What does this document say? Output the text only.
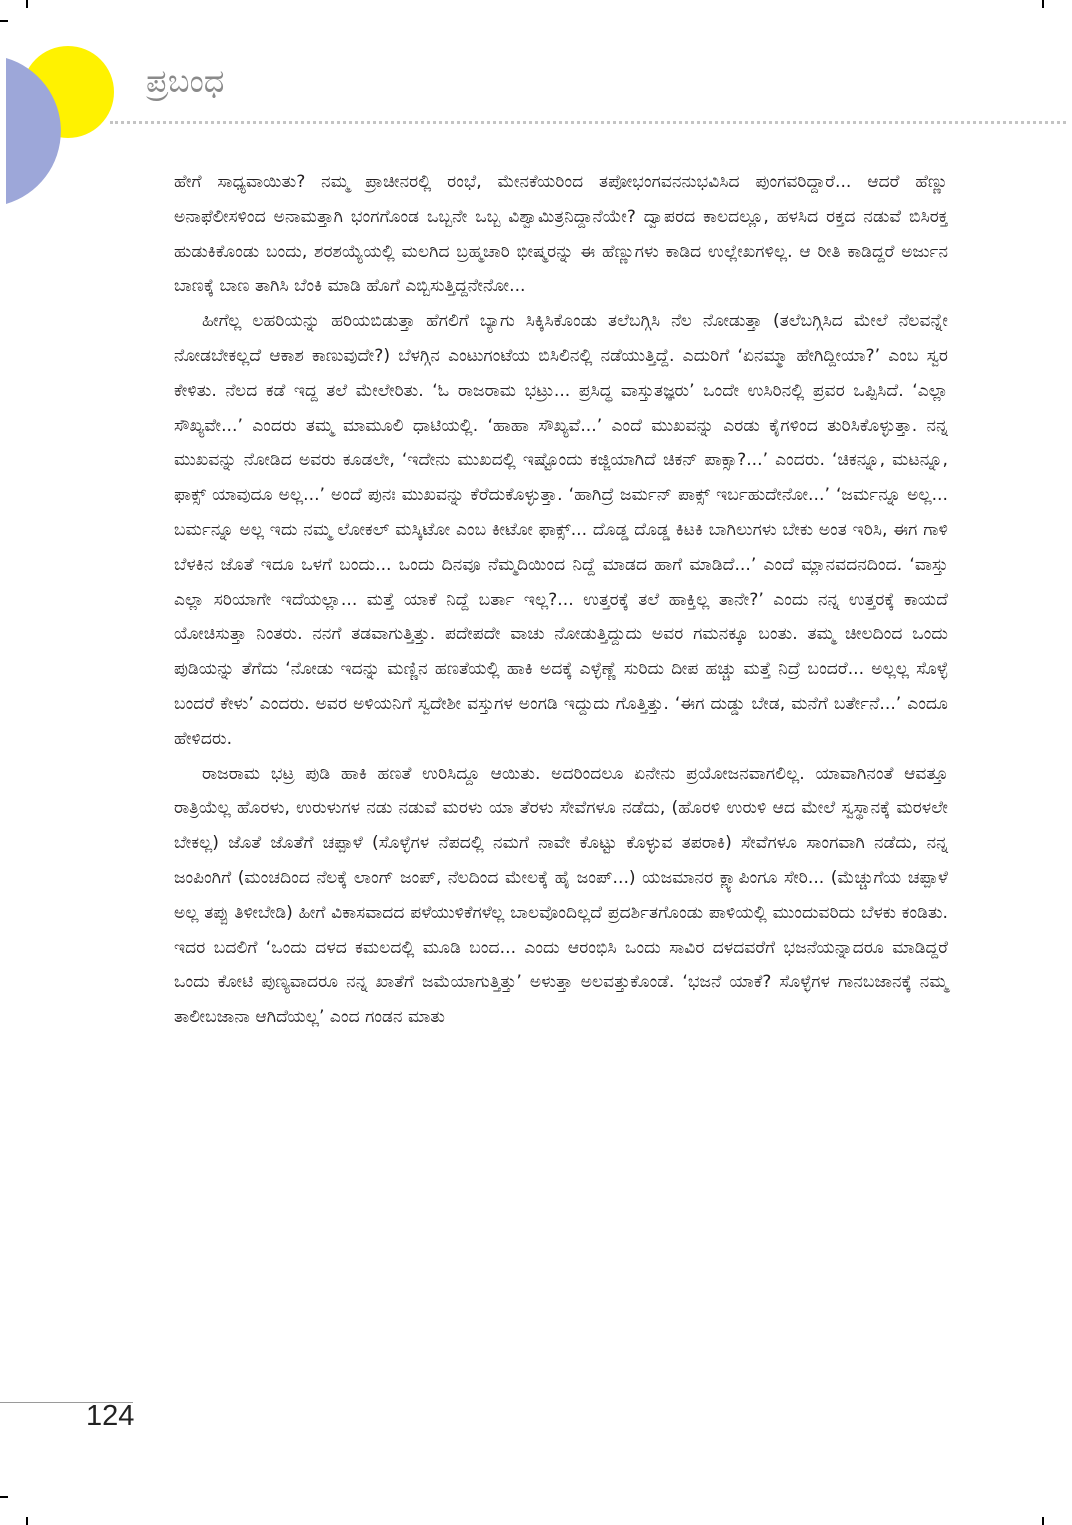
ಪ್ರಬಂಧ

ಹೇಗೆ ಸಾಧ್ಯವಾಯಿತು? ನಮ್ಮ ಪ್ರಾಚೀನರಲ್ಲಿ ರಂಭೆ, ಮೇನಕೆಯರಿಂದ ತಪೋಭಂಗವನನುಭವಿಸಿದ ಪುಂಗವರಿದ್ದಾರೆ... ಆದರೆ ಹೆಣ್ಣು ಅನಾಫೆಲೀಸಳಿಂದ ಅನಾಮತ್ತಾಗಿ ಭಂಗಗೊಂಡ ಒಬ್ಬನೇ ಒಬ್ಬ ವಿಶ್ವಾಮಿತ್ರನಿದ್ದಾನೆಯೇ? ದ್ವಾಪರದ ಕಾಲದಲ್ಲೂ, ಹಳಸಿದ ರಕ್ತದ ನಡುವೆ ಬಿಸಿರಕ್ತ ಹುಡುಕಿಕೊಂಡು ಬಂದು, ಶರಶಯ್ಯೆಯಲ್ಲಿ ಮಲಗಿದ ಬ್ರಹ್ಮಚಾರಿ ಭೀಷ್ಮರನ್ನು ಈ ಹೆಣ್ಣುಗಳು ಕಾಡಿದ ಉಲ್ಲೇಖಗಳಿಲ್ಲ. ಆ ರೀತಿ ಕಾಡಿದ್ದರೆ ಅರ್ಜುನ ಬಾಣಕ್ಕೆ ಬಾಣ ತಾಗಿಸಿ ಬೆಂಕಿ ಮಾಡಿ ಹೊಗೆ ಎಬ್ಬಿಸುತ್ತಿದ್ದನೇನೋ...

ಹೀಗೆಲ್ಲ ಲಹರಿಯನ್ನು ಹರಿಯಬಿಡುತ್ತಾ ಹೆಗಲಿಗೆ ಬ್ಯಾಗು ಸಿಕ್ಕಿಸಿಕೊಂಡು ತಲೆಬಗ್ಗಿಸಿ ನೆಲ ನೋಡುತ್ತಾ (ತಲೆಬಗ್ಗಿಸಿದ ಮೇಲೆ ನೆಲವನ್ನೇ ನೋಡಬೇಕಲ್ಲದೆ ಆಕಾಶ ಕಾಣುವುದೇ?) ಬೆಳಗ್ಗಿನ ಎಂಟುಗಂಟೆಯ ಬಿಸಿಲಿನಲ್ಲಿ ನಡೆಯುತ್ತಿದ್ದೆ. ಎದುರಿಗೆ ‘ಏನಮ್ಮಾ ಹೇಗಿದ್ದೀಯಾ?’ ಎಂಬ ಸ್ವರ ಕೇಳಿತು. ನೆಲದ ಕಡೆ ಇದ್ದ ತಲೆ ಮೇಲೇರಿತು. ‘ಓ ರಾಜರಾಮ ಭಟ್ರು... ಪ್ರಸಿದ್ಧ ವಾಸ್ತುತಜ್ಞರು’ ಒಂದೇ ಉಸಿರಿನಲ್ಲಿ ಪ್ರವರ ಒಪ್ಪಿಸಿದೆ. ‘ಎಲ್ಲಾ ಸೌಖ್ಯವೇ...’ ಎಂದರು ತಮ್ಮ ಮಾಮೂಲಿ ಧಾಟಿಯಲ್ಲಿ. ‘ಹಾಹಾ ಸೌಖ್ಯವೆ...’ ಎಂದೆ ಮುಖವನ್ನು ಎರಡು ಕೈಗಳಿಂದ ತುರಿಸಿಕೊಳ್ಳುತ್ತಾ. ನನ್ನ ಮುಖವನ್ನು ನೋಡಿದ ಅವರು ಕೂಡಲೇ, ‘ಇದೇನು ಮುಖದಲ್ಲಿ ಇಷ್ಟೊಂದು ಕಜ್ಜಿಯಾಗಿದೆ ಚಿಕನ್ ಪಾಕ್ಸಾ?...’ ಎಂದರು. ‘ಚಿಕನ್ನೂ, ಮಟನ್ನೂ, ಫಾಕ್ಸ್ ಯಾವುದೂ ಅಲ್ಲ...’ ಅಂದೆ ಪುನಃ ಮುಖವನ್ನು ಕೆರೆದುಕೊಳ್ಳುತ್ತಾ. ‘ಹಾಗಿದ್ರೆ ಜರ್ಮನ್ ಪಾಕ್ಸ್ ಇರ್ಬಹುದೇನೋ...’ ‘ಜರ್ಮನ್ನೂ ಅಲ್ಲ... ಬರ್ಮನ್ನೂ ಅಲ್ಲ ಇದು ನಮ್ಮ ಲೋಕಲ್ ಮಸ್ಕಿಟೋ ಎಂಬ ಕೀಟೋ ಫಾಕ್ಸ್... ದೊಡ್ಡ ದೊಡ್ಡ ಕಿಟಕಿ ಬಾಗಿಲುಗಳು ಬೇಕು ಅಂತ ಇರಿಸಿ, ಈಗ ಗಾಳಿ ಬೆಳಕಿನ ಜೊತೆ ಇದೂ ಒಳಗೆ ಬಂದು... ಒಂದು ದಿನವೂ ನೆಮ್ಮದಿಯಿಂದ ನಿದ್ದೆ ಮಾಡದ ಹಾಗೆ ಮಾಡಿದೆ...’ ಎಂದೆ ಮ್ಲಾನವದನದಿಂದ. ‘ವಾಸ್ತು ಎಲ್ಲಾ ಸರಿಯಾಗೇ ಇದೆಯಲ್ಲಾ... ಮತ್ತೆ ಯಾಕೆ ನಿದ್ದೆ ಬರ್ತಾ ಇಲ್ಲ?... ಉತ್ತರಕ್ಕೆ ತಲೆ ಹಾಕ್ತಿಲ್ಲ ತಾನೇ?’ ಎಂದು ನನ್ನ ಉತ್ತರಕ್ಕೆ ಕಾಯದೆ ಯೋಚಿಸುತ್ತಾ ನಿಂತರು. ನನಗೆ ತಡವಾಗುತ್ತಿತ್ತು. ಪದೇಪದೇ ವಾಚು ನೋಡುತ್ತಿದ್ದುದು ಅವರ ಗಮನಕ್ಕೂ ಬಂತು. ತಮ್ಮ ಚೀಲದಿಂದ ಒಂದು ಪುಡಿಯನ್ನು ತೆಗೆದು ‘ನೋಡು ಇದನ್ನು ಮಣ್ಣಿನ ಹಣತೆಯಲ್ಲಿ ಹಾಕಿ ಅದಕ್ಕೆ ಎಳ್ಳೆಣ್ಣೆ ಸುರಿದು ದೀಪ ಹಚ್ಚು ಮತ್ತೆ ನಿದ್ರೆ ಬಂದರೆ... ಅಲ್ಲಲ್ಲ ಸೊಳ್ಳೆ ಬಂದರೆ ಕೇಳು’ ಎಂದರು. ಅವರ ಅಳಿಯನಿಗೆ ಸ್ವದೇಶೀ ವಸ್ತುಗಳ ಅಂಗಡಿ ಇದ್ದುದು ಗೊತ್ತಿತ್ತು. ‘ಈಗ ದುಡ್ಡು ಬೇಡ, ಮನೆಗೆ ಬರ್ತೇನೆ...’ ಎಂದೂ ಹೇಳಿದರು.

ರಾಜರಾಮ ಭಟ್ರ ಪುಡಿ ಹಾಕಿ ಹಣತೆ ಉರಿಸಿದ್ದೂ ಆಯಿತು. ಅದರಿಂದಲೂ ಏನೇನು ಪ್ರಯೋಜನವಾಗಲಿಲ್ಲ. ಯಾವಾಗಿನಂತೆ ಆವತ್ತೂ ರಾತ್ರಿಯೆಲ್ಲ ಹೊರಳು, ಉರುಳುಗಳ ನಡು ನಡುವೆ ಮರಳು ಯಾ ತೆರಳು ಸೇವೆಗಳೂ ನಡೆದು, (ಹೊರಳಿ ಉರುಳಿ ಆದ ಮೇಲೆ ಸ್ವಸ್ಥಾನಕ್ಕೆ ಮರಳಲೇ ಬೇಕಲ್ಲ) ಜೊತೆ ಜೊತೆಗೆ ಚಪ್ಪಾಳೆ (ಸೊಳ್ಳೆಗಳ ನೆಪದಲ್ಲಿ ನಮಗೆ ನಾವೇ ಕೊಟ್ಟು ಕೊಳ್ಳುವ ತಪರಾಕಿ) ಸೇವೆಗಳೂ ಸಾಂಗವಾಗಿ ನಡೆದು, ನನ್ನ ಜಂಪಿಂಗಿಗೆ (ಮಂಚದಿಂದ ನೆಲಕ್ಕೆ ಲಾಂಗ್ ಜಂಪ್, ನೆಲದಿಂದ ಮೇಲಕ್ಕೆ ಹೈ ಜಂಪ್...) ಯಜಮಾನರ ಕ್ಲ್ಯಾಪಿಂಗೂ ಸೇರಿ... (ಮೆಚ್ಚುಗೆಯ ಚಪ್ಪಾಳೆ ಅಲ್ಲ ತಪ್ಪು ತಿಳೀಬೇಡಿ) ಹೀಗೆ ವಿಕಾಸವಾದದ ಪಳೆಯುಳಿಕೆಗಳೆಲ್ಲ ಬಾಲವೊಂದಿಲ್ಲದೆ ಪ್ರದರ್ಶಿತಗೊಂಡು ಪಾಳಿಯಲ್ಲಿ ಮುಂದುವರಿದು ಬೆಳಕು ಕಂಡಿತು. ಇದರ ಬದಲಿಗೆ ‘ಒಂದು ದಳದ ಕಮಲದಲ್ಲಿ ಮೂಡಿ ಬಂದ... ಎಂದು ಆರಂಭಿಸಿ ಒಂದು ಸಾವಿರ ದಳದವರೆಗೆ ಭಜನೆಯನ್ನಾದರೂ ಮಾಡಿದ್ದರೆ ಒಂದು ಕೋಟಿ ಪುಣ್ಯವಾದರೂ ನನ್ನ ಖಾತೆಗೆ ಜಮೆಯಾಗುತ್ತಿತ್ತು’ ಅಳುತ್ತಾ ಅಲವತ್ತುಕೊಂಡೆ. ‘ಭಜನೆ ಯಾಕೆ? ಸೊಳ್ಳೆಗಳ ಗಾನಬಜಾನಕ್ಕೆ ನಮ್ಮ ತಾಲೀಬಜಾನಾ ಆಗಿದೆಯಲ್ಲ’ ಎಂದ ಗಂಡನ ಮಾತು

124
